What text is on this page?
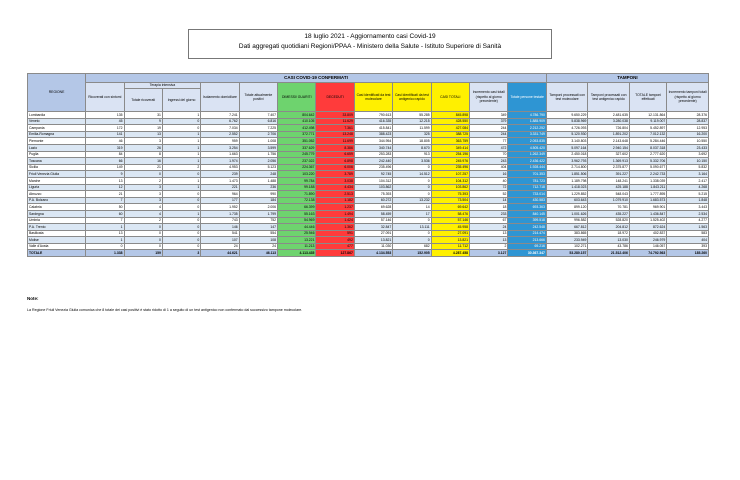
18 luglio 2021 - Aggiornamento casi Covid-19
Dati aggregati quotidiani Regioni/PPAA - Ministero della Salute - Istituto Superiore di Sanità
REGIONE	CASI COVID-19 CONFERMATI												TAMPONI			
	Ricoverati con sintomi	Terapia intensiva		Isolamento domiciliare	Totale attualmente positivi	DIMESSI/ GUARITI	DECEDUTI	Casi identificati da test molecolare	Casi identificati da test antigenico rapido	CASI TOTALI	Incremento casi totali (rispetto al giorno precedente)	Totale persone testate	Tamponi processati con test molecolare	Tamponi processati con test antigenico rapido	TOTALE tamponi effettuati	Incremento tamponi totali (rispetto al giorno precedente)
		Totale ricoverati	Ingressi del giorno													
Lombardia	135	31	1	7.241	7.407	804.642	33.809	790.613	55.285	845.898	349	4.786.790	9.650.229	2.481.635	12.131.864	28.376
Veneto	45	9	0	6.762	6.816	410.105	11.629	416.335	12.215	428.550	379	1.885.909	5.838.969	3.280.038	9.119.007	28.837
Campania	172	19	0	7.034	7.225	412.498	7.361	415.841	11.599	427.084	244	2.212.252	4.726.093	726.804	5.452.897	12.953
Emilia-Romagna	141	13	1	2.552	2.706	372.771	13.248	388.423	325	388.725	244	3.331.749	5.120.930	1.891.202	7.012.132	16.200
Piemonte	46	3	1	959	1.008	351.052	11.699	344.954	18.805	363.759	77	2.053.835	3.140.803	2.143.648	5.284.446	10.550
Lazio	319	26	1	3.254	3.599	337.629	8.386	340.744	8.670	349.414	472	4.505.420	5.097.164	2.940.154	8.037.318	23.433
Puglia	84	8	1	1.663	1.756	245.779	6.659	253.283	913	254.196	70	1.262.349	2.450.018	327.602	2.777.620	3.692
Toscana	66	16	1	1.974	2.056	237.022	6.898	242.440	3.536	245.976	243	2.436.422	3.962.793	1.369.913	5.332.706	10.150
Sicilia	149	21	2	4.953	5.123	224.367	6.006	235.496	0	235.496	404	1.928.444	2.714.800	2.375.877	5.090.677	5.832
Friuli Venezia Giulia	9	0	0	239	248	103.220	3.789	92.745	14.512	107.257	16	701.353	1.851.506	391.227	2.242.733	3.164
Marche	13	2	1	1.473	1.488	99.784	3.038	104.312	0	104.312	40	781.723	1.189.798	148.241	1.338.039	2.417
Liguria	12	3	1	221	236	99.188	4.434	103.862	0	103.862	72	712.718	1.418.023	425.188	1.843.211	4.268
Abruzzo	21	3	0	964	990	71.890	2.513	75.393	0	75.393	52	733.014	1.229.852	548.043	1.777.895	5.215
P.A. Bolzano	7	3	0	177	184	72.138	1.182	60.272	13.232	73.504	14	430.583	603.643	1.079.910	1.683.573	1.848
Calabria	50	4	0	1.952	2.006	66.399	1.237	69.628	14	69.642	18	693.363	899.120	70.781	969.901	3.443
Sardegna	60	4	1	1.735	1.799	55.163	1.494	58.459	17	58.476	233	840.145	1.001.626	435.227	1.436.847	2.534
Umbria	7	2	0	743	752	54.969	1.424	57.146	0	57.146	67	399.518	996.582	528.820	1.525.402	4.277
P.A. Trento	1	0	0	146	147	44.446	1.362	32.847	13.111	45.958	24	242.548	667.812	204.812	872.624	1.563
Basilicata	13	0	0	541	554	25.946	591	27.091	0	27.091	13	214.474	383.865	18.972	402.837	583
Molise	1	0	0	107	108	13.221	492	13.821	0	13.821	13	213.666	233.949	13.030	246.979	404
Valle d'Aosta	0	0	0	24	24	11.213	477	11.030	682	11.712	2	69.216	102.271	43.786	146.057	393
TOTALE	1.338	159	3	44.621	46.113	4.113.435	127.867	4.134.553	152.905	4.287.458	3.127	30.367.347	53.280.157	21.512.406	74.792.563	185.260
Note:
La Regione Friuli Venezia Giulia comunica che 8 totale dei casi positivi è stato ridotto di 1 a seguito di un test antigenico non confermato dal successivo tampone molecolare.
